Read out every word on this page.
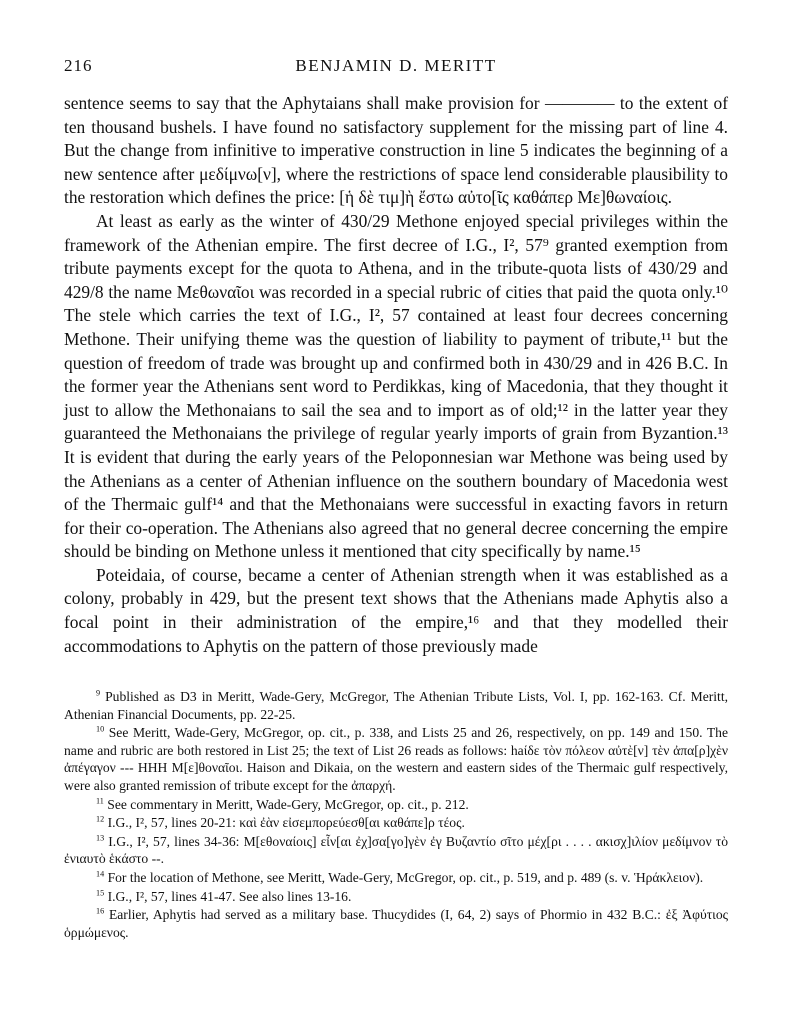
216	BENJAMIN D. MERITT

sentence seems to say that the Aphytaians shall make provision for ———— to the extent of ten thousand bushels. I have found no satisfactory supplement for the missing part of line 4. But the change from infinitive to imperative construction in line 5 indicates the beginning of a new sentence after μεδίμνω[ν], where the restrictions of space lend considerable plausibility to the restoration which defines the price: [ἡ δὲ τιμ]ὴ ἔστω αὐτο[ῖς καθάπερ Με]θωναίοις.

At least as early as the winter of 430/29 Methone enjoyed special privileges within the framework of the Athenian empire. The first decree of I.G., I², 57⁹ granted exemption from tribute payments except for the quota to Athena, and in the tribute-quota lists of 430/29 and 429/8 the name Μεθωναῖοι was recorded in a special rubric of cities that paid the quota only.¹⁰ The stele which carries the text of I.G., I², 57 contained at least four decrees concerning Methone. Their unifying theme was the question of liability to payment of tribute,¹¹ but the question of freedom of trade was brought up and confirmed both in 430/29 and in 426 B.C. In the former year the Athenians sent word to Perdikkas, king of Macedonia, that they thought it just to allow the Methonaians to sail the sea and to import as of old;¹² in the latter year they guaranteed the Methonaians the privilege of regular yearly imports of grain from Byzantion.¹³ It is evident that during the early years of the Peloponnesian war Methone was being used by the Athenians as a center of Athenian influence on the southern boundary of Macedonia west of the Thermaic gulf¹⁴ and that the Methonaians were successful in exacting favors in return for their co-operation. The Athenians also agreed that no general decree concerning the empire should be binding on Methone unless it mentioned that city specifically by name.¹⁵

Poteidaia, of course, became a center of Athenian strength when it was established as a colony, probably in 429, but the present text shows that the Athenians made Aphytis also a focal point in their administration of the empire,¹⁶ and that they modelled their accommodations to Aphytis on the pattern of those previously made

$^9$ Published as D3 in Meritt, Wade-Gery, McGregor, The Athenian Tribute Lists, Vol. I, pp. 162-163. Cf. Meritt, Athenian Financial Documents, pp. 22-25.

$^{10}$ See Meritt, Wade-Gery, McGregor, op. cit., p. 338, and Lists 25 and 26, respectively, on pp. 149 and 150. The name and rubric are both restored in List 25; the text of List 26 reads as follows: haίδε τὸν πόλεον αὐτὲ[ν] τὲν ἀπα[ρ]χὲν ἀπέγαγον --- HHH M[ε]θοναῖοι. Haison and Dikaia, on the western and eastern sides of the Thermaic gulf respectively, were also granted remission of tribute except for the ἀπαρχή.

$^{11}$ See commentary in Meritt, Wade-Gery, McGregor, op. cit., p. 212.

$^{12}$ I.G., I², 57, lines 20-21: καὶ ἐὰν εἰσεμπορεύεσθ[αι καθάπε]ρ τέος.

$^{13}$ I.G., I², 57, lines 34-36: M[εθοναίοις] εἶν[αι ἐχ]σα[γο]γὲν ἐγ Βυζαντίο σῖτο μέχ[ρι . . . . ακισχ]ιλίον μεδίμνον τὸ ἐνιαυτὸ ἑκάστο --.

$^{14}$ For the location of Methone, see Meritt, Wade-Gery, McGregor, op. cit., p. 519, and p. 489 (s. v. Ἡράκλειον).

$^{15}$ I.G., I², 57, lines 41-47. See also lines 13-16.

$^{16}$ Earlier, Aphytis had served as a military base. Thucydides (I, 64, 2) says of Phormio in 432 B.C.: ἐξ Ἀφύτιος ὁρμώμενος.
